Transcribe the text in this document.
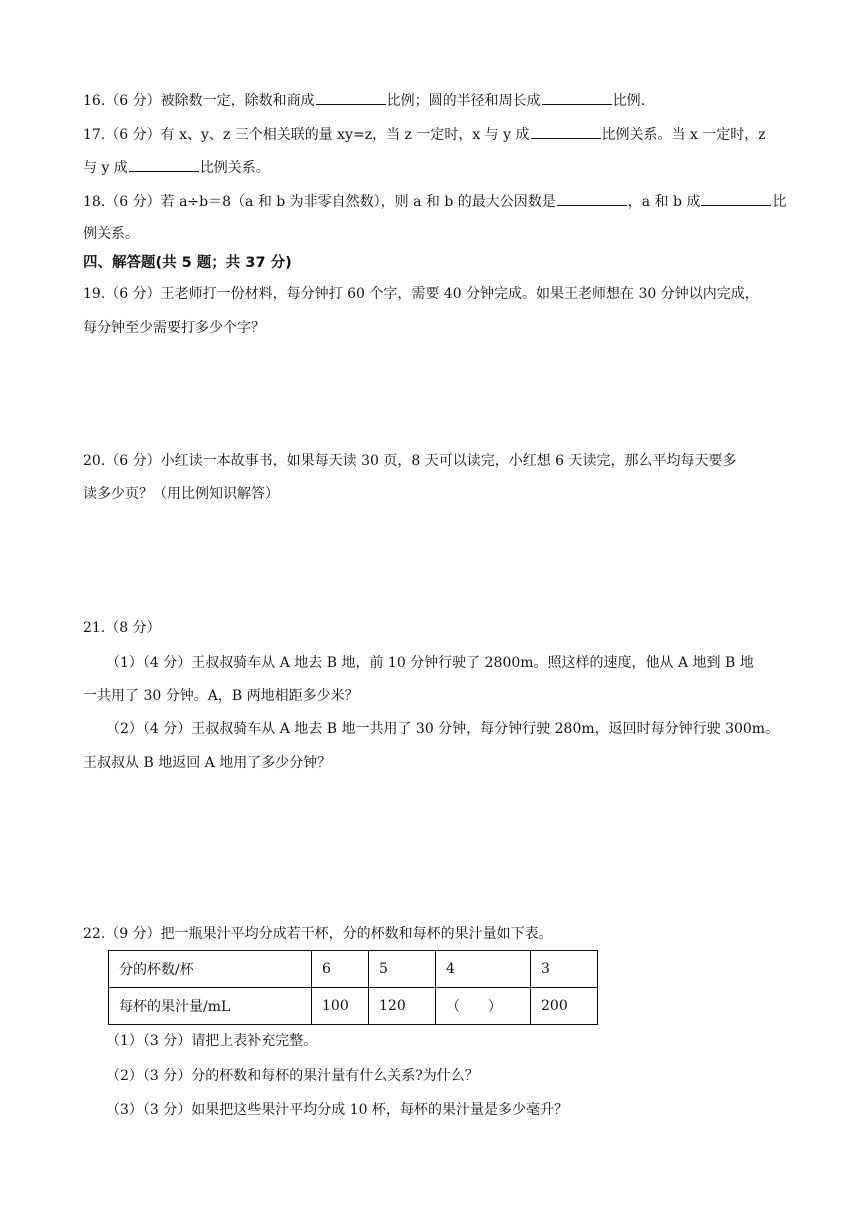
16.（6 分）被除数一定，除数和商成	比例；圆的半径和周长成	比例.
17.（6 分）有 x、y、z 三个相关联的量 xy=z，当 z 一定时，x 与 y 成	比例关系。当 x 一定时，z
与 y 成	比例关系。
18.（6 分）若 a÷b＝8（a 和 b 为非零自然数），则 a 和 b 的最大公因数是	，a 和 b 成	比
例关系。
四、解答题(共 5 题；共 37 分)
19.（6 分）王老师打一份材料，每分钟打 60 个字，需要 40 分钟完成。如果王老师想在 30 分钟以内完成，
每分钟至少需要打多少个字？
20.（6 分）小红读一本故事书，如果每天读 30 页，8 天可以读完，小红想 6 天读完，那么平均每天要多
读多少页？（用比例知识解答）
21.（8 分）
（1）（4 分）王叔叔骑车从 A 地去 B 地，前 10 分钟行驶了 2800m。照这样的速度，他从 A 地到 B 地
一共用了 30 分钟。A，B 两地相距多少米？
（2）（4 分）王叔叔骑车从 A 地去 B 地一共用了 30 分钟，每分钟行驶 280m，返回时每分钟行驶 300m。
王叔叔从 B 地返回 A 地用了多少分钟？
22.（9 分）把一瓶果汁平均分成若干杯，分的杯数和每杯的果汁量如下表。
分的杯数/杯	6	5	4	3
每杯的果汁量/mL	100	120	（　　）	200
（1）（3 分）请把上表补充完整。
（2）（3 分）分的杯数和每杯的果汁量有什么关系?为什么？
（3）（3 分）如果把这些果汁平均分成 10 杯，每杯的果汁量是多少毫升？
